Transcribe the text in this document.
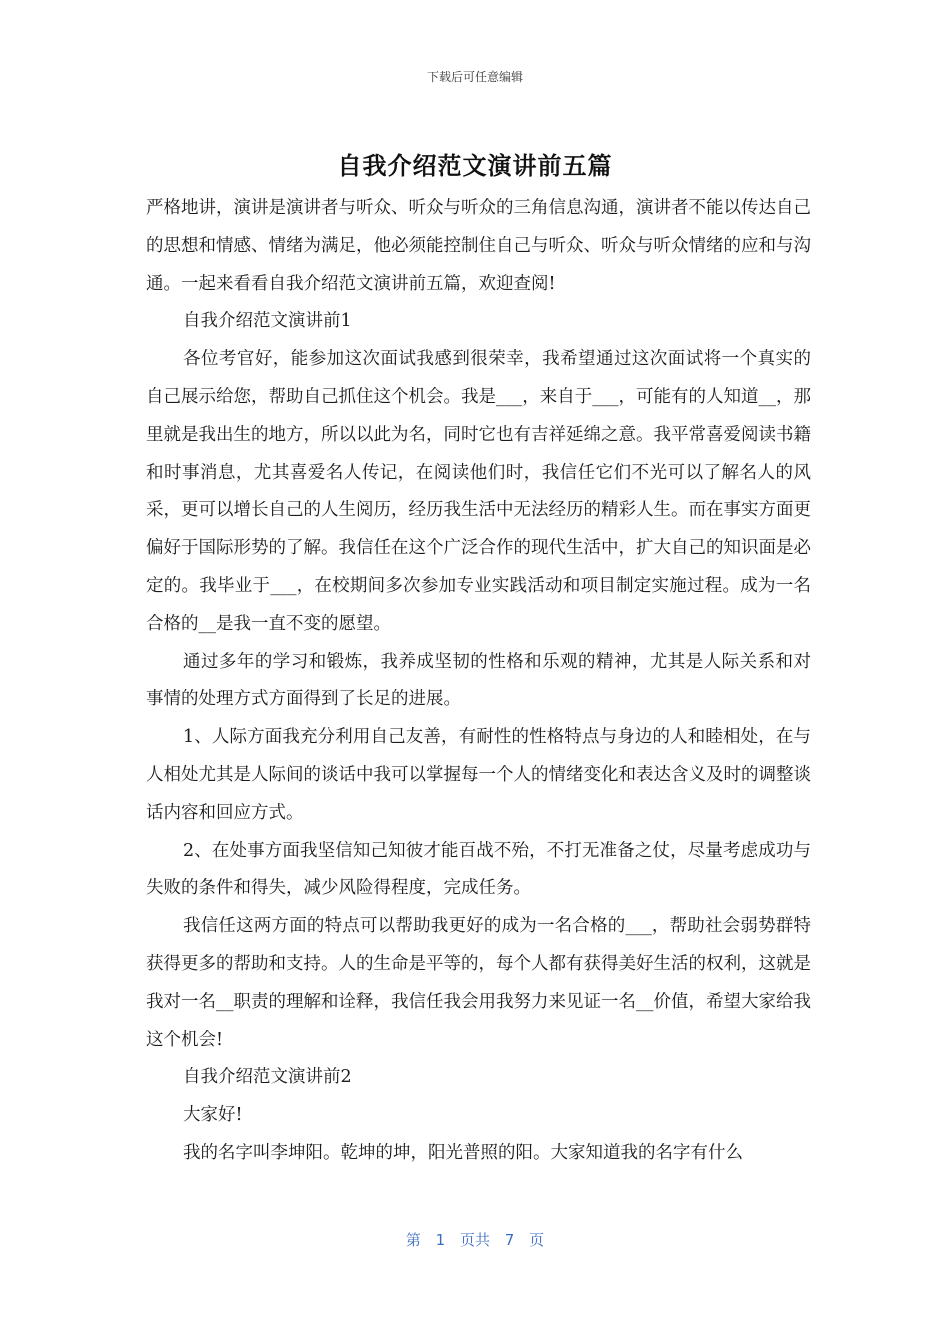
下载后可任意编辑
自我介绍范文演讲前五篇

严格地讲，演讲是演讲者与听众、听众与听众的三角信息沟通，演讲者不能以传达自己的思想和情感、情绪为满足，他必须能控制住自己与听众、听众与听众情绪的应和与沟通。一起来看看自我介绍范文演讲前五篇，欢迎查阅!

自我介绍范文演讲前1

各位考官好，能参加这次面试我感到很荣幸，我希望通过这次面试将一个真实的自己展示给您，帮助自己抓住这个机会。我是___，来自于___，可能有的人知道__，那里就是我出生的地方，所以以此为名，同时它也有吉祥延绵之意。我平常喜爱阅读书籍和时事消息，尤其喜爱名人传记，在阅读他们时，我信任它们不光可以了解名人的风采，更可以增长自己的人生阅历，经历我生活中无法经历的精彩人生。而在事实方面更偏好于国际形势的了解。我信任在这个广泛合作的现代生活中，扩大自己的知识面是必定的。我毕业于___，在校期间多次参加专业实践活动和项目制定实施过程。成为一名合格的__是我一直不变的愿望。

通过多年的学习和锻炼，我养成坚韧的性格和乐观的精神，尤其是人际关系和对事情的处理方式方面得到了长足的进展。

1、人际方面我充分利用自己友善，有耐性的性格特点与身边的人和睦相处，在与人相处尤其是人际间的谈话中我可以掌握每一个人的情绪变化和表达含义及时的调整谈话内容和回应方式。

2、在处事方面我坚信知己知彼才能百战不殆，不打无准备之仗，尽量考虑成功与失败的条件和得失，减少风险得程度，完成任务。

我信任这两方面的特点可以帮助我更好的成为一名合格的___，帮助社会弱势群特获得更多的帮助和支持。人的生命是平等的，每个人都有获得美好生活的权利，这就是我对一名__职责的理解和诠释，我信任我会用我努力来见证一名__价值，希望大家给我这个机会!

自我介绍范文演讲前2

大家好!

我的名字叫李坤阳。乾坤的坤，阳光普照的阳。大家知道我的名字有什么

第 1 页共 7 页
